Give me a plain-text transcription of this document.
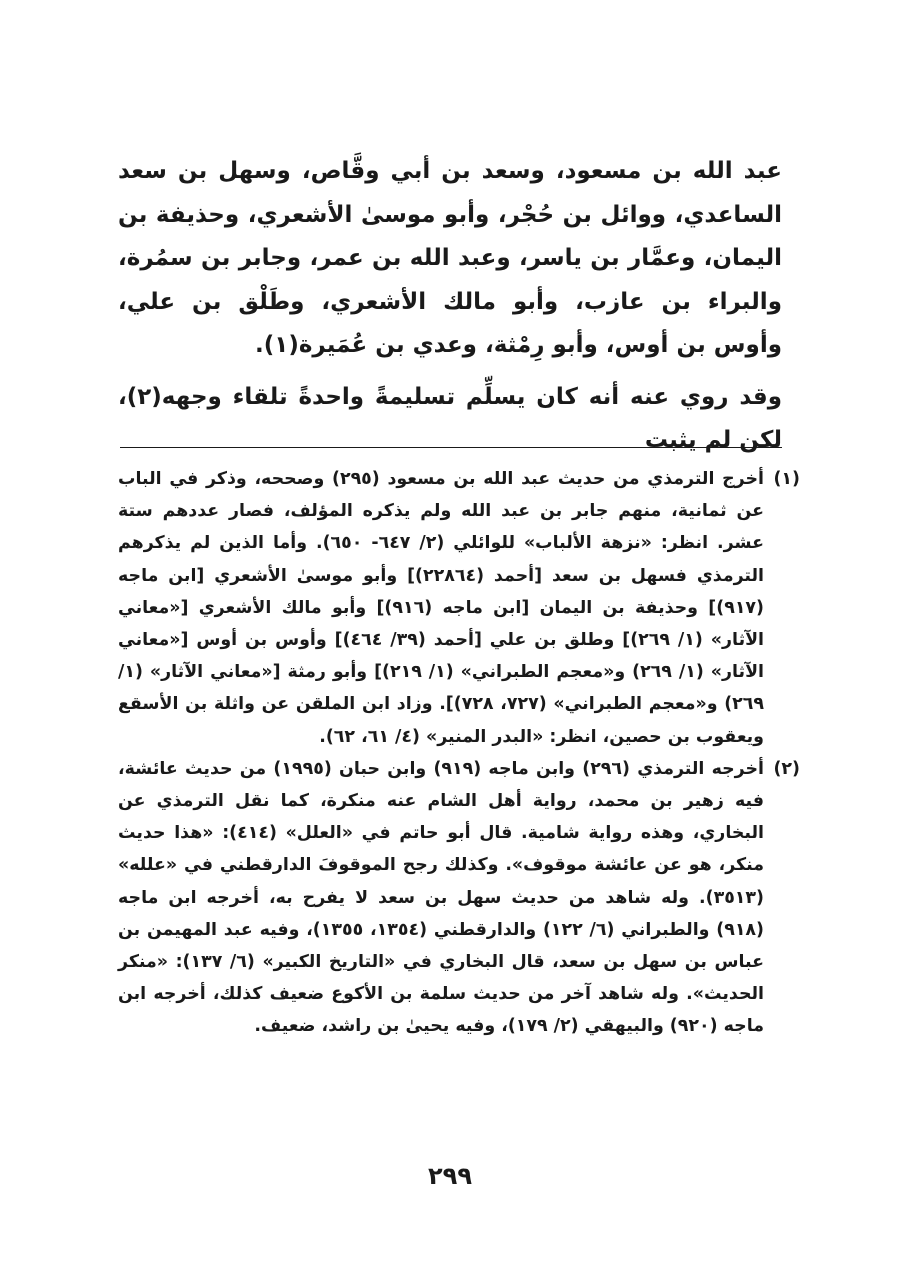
عبد الله بن مسعود، وسعد بن أبي وقَّاص، وسهل بن سعد الساعدي، ووائل بن حُجْر، وأبو موسىٰ الأشعري، وحذيفة بن اليمان، وعمَّار بن ياسر، وعبد الله بن عمر، وجابر بن سمُرة، والبراء بن عازب، وأبو مالك الأشعري، وطَلْق بن علي، وأوس بن أوس، وأبو رِمْثة، وعدي بن عُمَيرة(١).

وقد روي عنه أنه كان يسلِّم تسليمةً واحدةً تلقاء وجهه(٢)، لكن لم يثبت

(١)
أخرج الترمذي من حديث عبد الله بن مسعود (٢٩٥) وصححه، وذكر في الباب عن ثمانية، منهم جابر بن عبد الله ولم يذكره المؤلف، فصار عددهم ستة عشر. انظر: «نزهة الألباب» للوائلي (٢/ ٦٤٧- ٦٥٠). وأما الذين لم يذكرهم الترمذي فسهل بن سعد [أحمد (٢٢٨٦٤)] وأبو موسىٰ الأشعري [ابن ماجه (٩١٧)] وحذيفة بن اليمان [ابن ماجه (٩١٦)] وأبو مالك الأشعري [«معاني الآثار» (١/ ٢٦٩)] وطلق بن علي [أحمد (٣٩/ ٤٦٤)] وأوس بن أوس [«معاني الآثار» (١/ ٢٦٩) و«معجم الطبراني» (١/ ٢١٩)] وأبو رمثة [«معاني الآثار» (١/ ٢٦٩) و«معجم الطبراني» (٧٢٧، ٧٢٨)]. وزاد ابن الملقن عن واثلة بن الأسقع ويعقوب بن حصين، انظر: «البدر المنير» (٤/ ٦١، ٦٢).
(٢)
أخرجه الترمذي (٢٩٦) وابن ماجه (٩١٩) وابن حبان (١٩٩٥) من حديث عائشة، فيه زهير بن محمد، رواية أهل الشام عنه منكرة، كما نقل الترمذي عن البخاري، وهذه رواية شامية. قال أبو حاتم في «العلل» (٤١٤): «هذا حديث منكر، هو عن عائشة موقوف». وكذلك رجح الموقوفَ الدارقطني في «علله» (٣٥١٣). وله شاهد من حديث سهل بن سعد لا يفرح به، أخرجه ابن ماجه (٩١٨) والطبراني (٦/ ١٢٢) والدارقطني (١٣٥٤، ١٣٥٥)، وفيه عبد المهيمن بن عباس بن سهل بن سعد، قال البخاري في «التاريخ الكبير» (٦/ ١٣٧): «منكر الحديث». وله شاهد آخر من حديث سلمة بن الأكوع ضعيف كذلك، أخرجه ابن ماجه (٩٢٠) والبيهقي (٢/ ١٧٩)، وفيه يحيىٰ بن راشد، ضعيف.
٢٩٩
